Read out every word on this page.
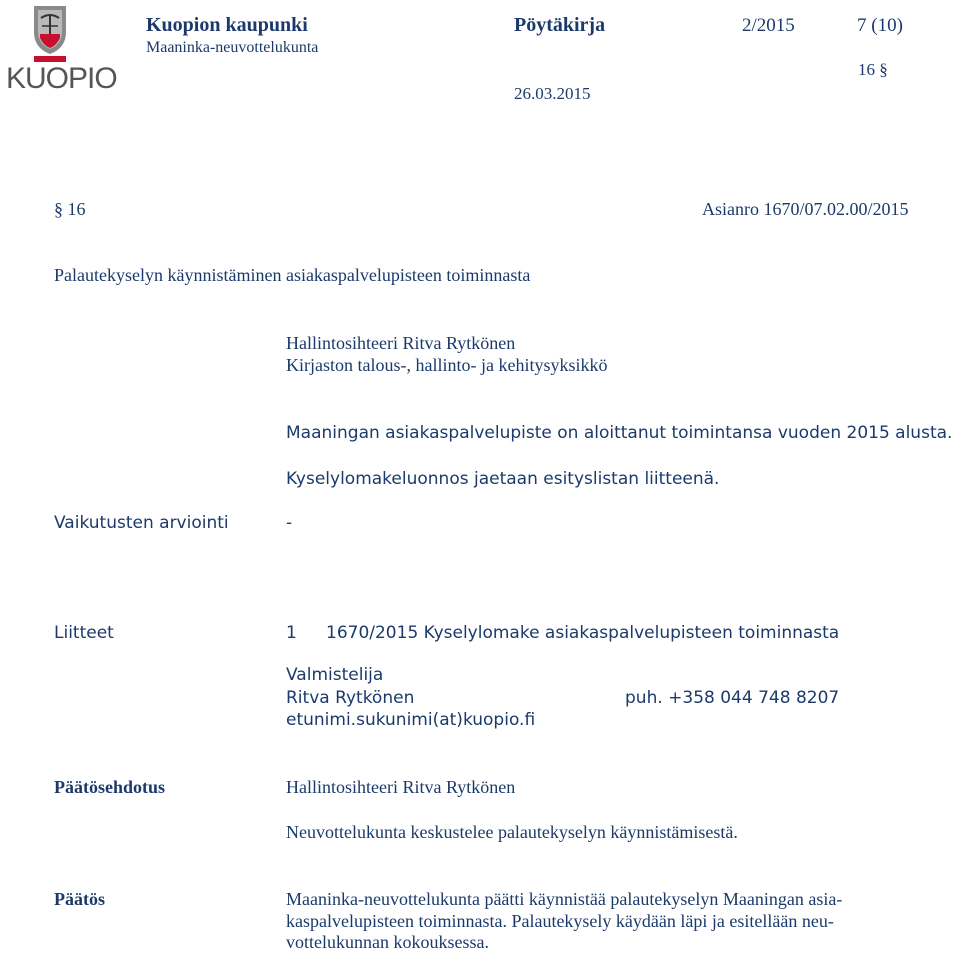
KUOPIO
Kuopion kaupunki
Maaninka-neuvottelukunta
Pöytäkirja	2/2015	7 (10)
16 §
26.03.2015
§ 16	Asianro 1670/07.02.00/2015
Palautekyselyn käynnistäminen asiakaspalvelupisteen toiminnasta
Hallintosihteeri Ritva Rytkönen
Kirjaston talous-, hallinto- ja kehitysyksikkö
Maaningan asiakaspalvelupiste on aloittanut toimintansa vuoden 2015 alusta.
Kyselylomakeluonnos jaetaan esityslistan liitteenä.
Vaikutusten arviointi	-
Liitteet	1 1670/2015 Kyselylomake asiakaspalvelupisteen toiminnasta
Valmistelija
Ritva Rytkönen	puh. +358 044 748 8207
etunimi.sukunimi(at)kuopio.fi
Päätösehdotus	Hallintosihteeri Ritva Rytkönen
Neuvottelukunta keskustelee palautekyselyn käynnistämisestä.
Päätös	Maaninka-neuvottelukunta päätti käynnistää palautekyselyn Maaningan asia-
kaspalvelupisteen toiminnasta. Palautekysely käydään läpi ja esitellään neu-
vottelukunnan kokouksessa.
